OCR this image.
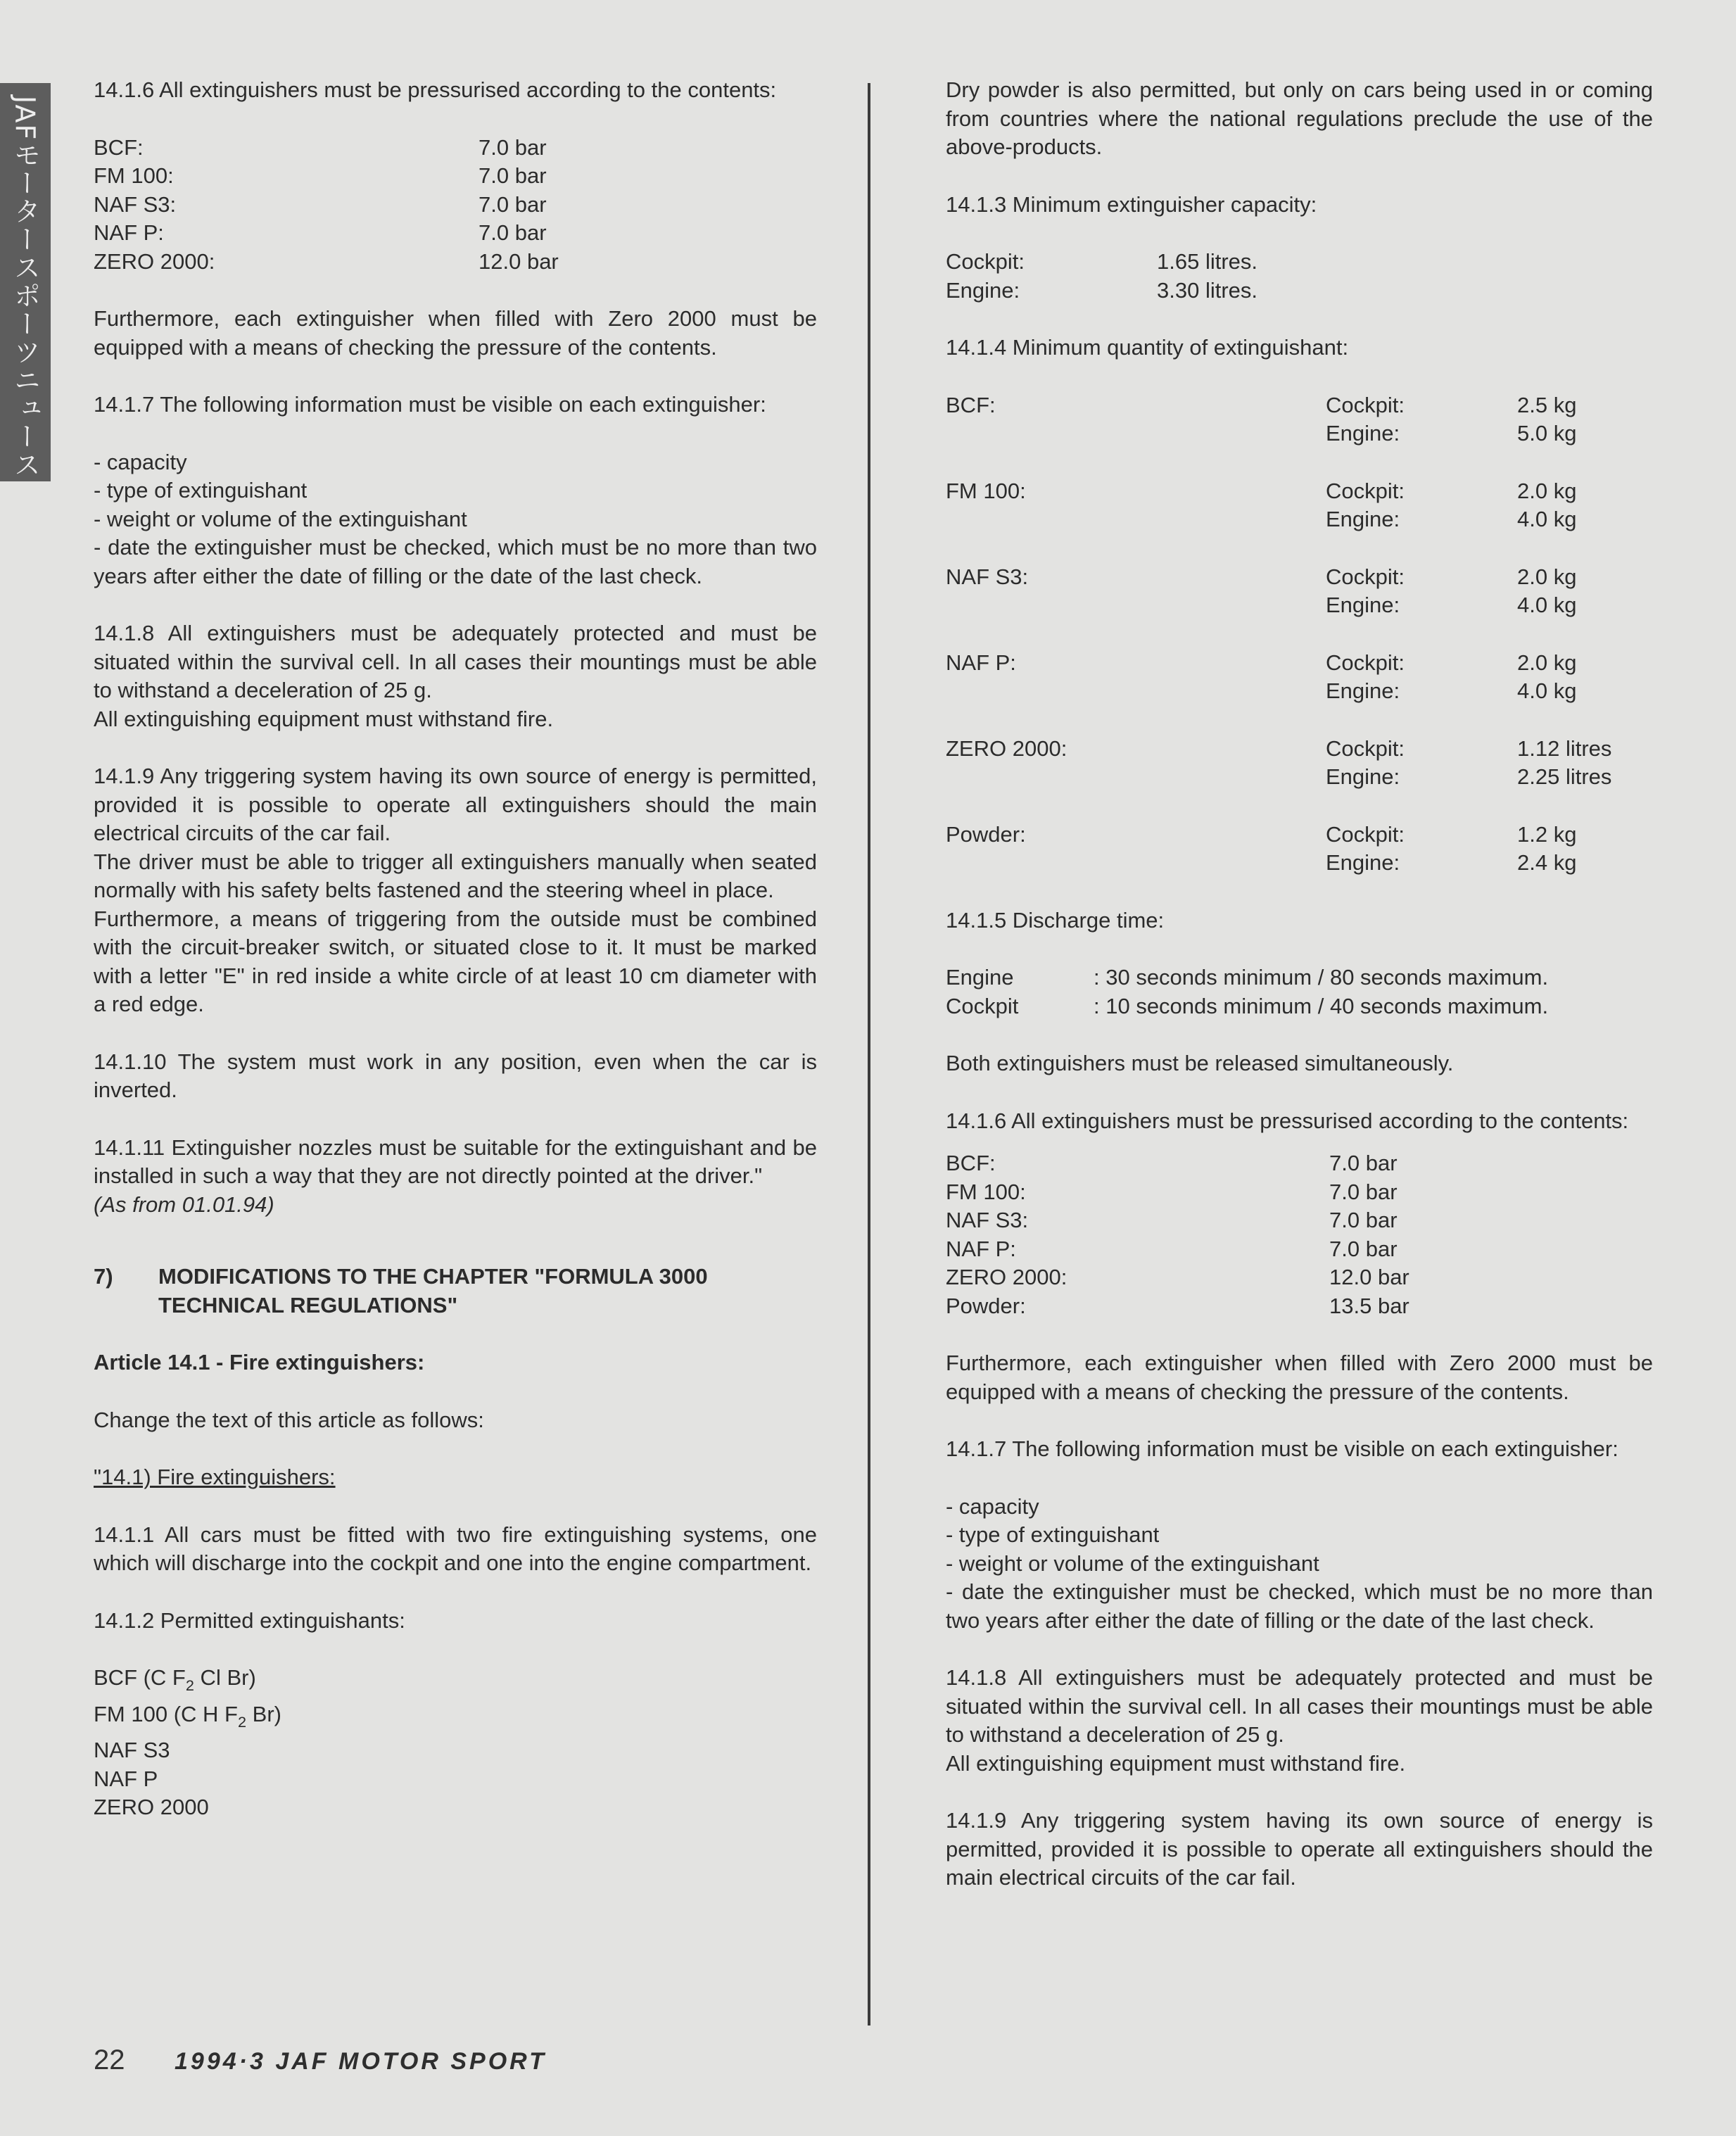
JAFモータースポーツニュース

14.1.6 All extinguishers must be pressurised according to the contents:

BCF:	7.0 bar
FM 100:	7.0 bar
NAF S3:	7.0 bar
NAF P:	7.0 bar
ZERO 2000:	12.0 bar

Furthermore, each extinguisher when filled with Zero 2000 must be equipped with a means of checking the pressure of the contents.

14.1.7 The following information must be visible on each extinguisher:

- capacity
- type of extinguishant
- weight or volume of the extinguishant
- date the extinguisher must be checked, which must be no more than two years after either the date of filling or the date of the last check.
14.1.8 All extinguishers must be adequately protected and must be situated within the survival cell. In all cases their mountings must be able to withstand a deceleration of 25 g.
All extinguishing equipment must withstand fire.
14.1.9 Any triggering system having its own source of energy is permitted, provided it is possible to operate all extinguishers should the main electrical circuits of the car fail.
The driver must be able to trigger all extinguishers manually when seated normally with his safety belts fastened and the steering wheel in place.
Furthermore, a means of triggering from the outside must be combined with the circuit-breaker switch, or situated close to it. It must be marked with a letter "E" in red inside a white circle of at least 10 cm diameter with a red edge.

14.1.10 The system must work in any position, even when the car is inverted.

14.1.11 Extinguisher nozzles must be suitable for the extinguishant and be installed in such a way that they are not directly pointed at the driver."
(As from 01.01.94)
7)	MODIFICATIONS TO THE CHAPTER "FORMULA 3000
TECHNICAL REGULATIONS"

Article 14.1 - Fire extinguishers:

Change the text of this article as follows:

"14.1) Fire extinguishers:

14.1.1 All cars must be fitted with two fire extinguishing systems, one which will discharge into the cockpit and one into the engine compartment.

14.1.2 Permitted extinguishants:

BCF (C $F_2$ Cl Br)
FM 100 (C H $F_2$ Br)
NAF S3
NAF P
ZERO 2000

Dry powder is also permitted, but only on cars being used in or coming from countries where the national regulations preclude the use of the above-products.

14.1.3 Minimum extinguisher capacity:

Cockpit:	1.65 litres.
Engine:	3.30 litres.

14.1.4 Minimum quantity of extinguishant:

BCF:	Cockpit:	2.5 kg
Engine:	5.0 kg
FM 100:	Cockpit:	2.0 kg
Engine:	4.0 kg
NAF S3:	Cockpit:	2.0 kg
Engine:	4.0 kg
NAF P:	Cockpit:	2.0 kg
Engine:	4.0 kg
ZERO 2000:	Cockpit:	1.12 litres
Engine:	2.25 litres
Powder:	Cockpit:	1.2 kg
Engine:	2.4 kg

14.1.5 Discharge time:

Engine	: 30 seconds minimum / 80 seconds maximum.
Cockpit	: 10 seconds minimum / 40 seconds maximum.

Both extinguishers must be released simultaneously.

14.1.6 All extinguishers must be pressurised according to the contents:

BCF:	7.0 bar
FM 100:	7.0 bar
NAF S3:	7.0 bar
NAF P:	7.0 bar
ZERO 2000:	12.0 bar
Powder:	13.5 bar

Furthermore, each extinguisher when filled with Zero 2000 must be equipped with a means of checking the pressure of the contents.

14.1.7 The following information must be visible on each extinguisher:

- capacity
- type of extinguishant
- weight or volume of the extinguishant
- date the extinguisher must be checked, which must be no more than two years after either the date of filling or the date of the last check.
14.1.8 All extinguishers must be adequately protected and must be situated within the survival cell. In all cases their mountings must be able to withstand a deceleration of 25 g.
All extinguishing equipment must withstand fire.

14.1.9 Any triggering system having its own source of energy is permitted, provided it is possible to operate all extinguishers should the main electrical circuits of the car fail.

22	1994·3 JAF MOTOR SPORT
